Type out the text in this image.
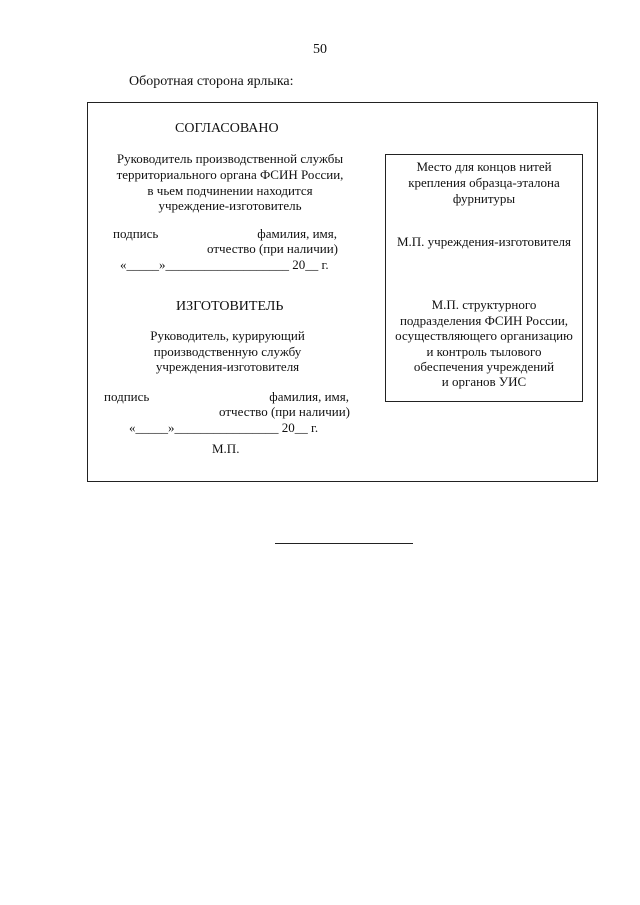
50
Оборотная сторона ярлыка:
СОГЛАСОВАНО
Руководитель производственной службы
территориального органа ФСИН России,
в чьем подчинении находится
учреждение-изготовитель
подпись	фамилия, имя,
отчество (при наличии)
«_____»___________________ 20__ г.
ИЗГОТОВИТЕЛЬ
Руководитель, курирующий
производственную службу
учреждения-изготовителя
подпись	фамилия, имя,
отчество (при наличии)
«_____»________________ 20__ г.
М.П.
Место для концов нитей
крепления образца-эталона
фурнитуры
М.П. учреждения-изготовителя
М.П. структурного
подразделения ФСИН России,
осуществляющего организацию
и контроль тылового
обеспечения учреждений
и органов УИС
